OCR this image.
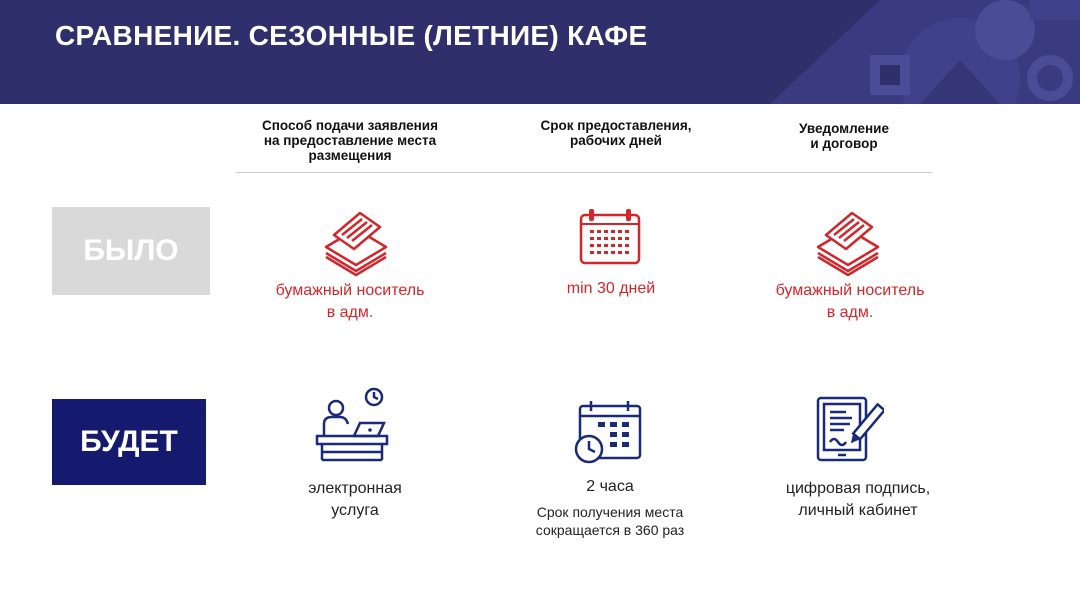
СРАВНЕНИЕ. СЕЗОННЫЕ (ЛЕТНИЕ) КАФЕ
Способ подачи заявления
на предоставление места
размещения
Срок предоставления,
рабочих дней
Уведомление
и договор
БЫЛО
БУДЕТ
бумажный носитель
в адм.
min 30 дней	бумажный носитель
в адм.
электронная
услуга
2 часа
Срок получения места
сокращается в 360 раз
цифровая подпись,
личный кабинет
